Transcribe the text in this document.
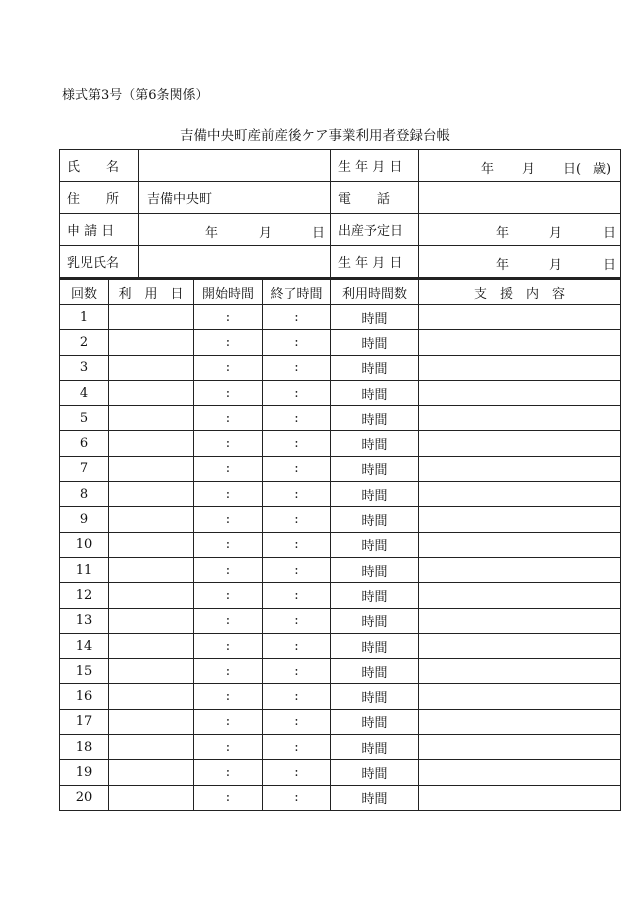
様式第3号（第6条関係）
吉備中央町産前産後ケア事業利用者登録台帳
氏　　名		生 年 月 日	年 月 日( 歳)

住　　所	吉備中央町	電　　話	
申 請 日	年 月 日	出産予定日	年 月 日

乳児氏名		生 年 月 日	年 月 日
回数	利　用　日	開始時間	終了時間	利用時間数	支　援　内　容
1		:	:	時間	
2		:	:	時間	
3		:	:	時間	
4		:	:	時間	
5		:	:	時間	
6		:	:	時間	
7		:	:	時間	
8		:	:	時間	
9		:	:	時間	
10		:	:	時間	
11		:	:	時間	
12		:	:	時間	
13		:	:	時間	
14		:	:	時間	
15		:	:	時間	
16		:	:	時間	
17		:	:	時間	
18		:	:	時間	
19		:	:	時間	
20		:	:	時間	
